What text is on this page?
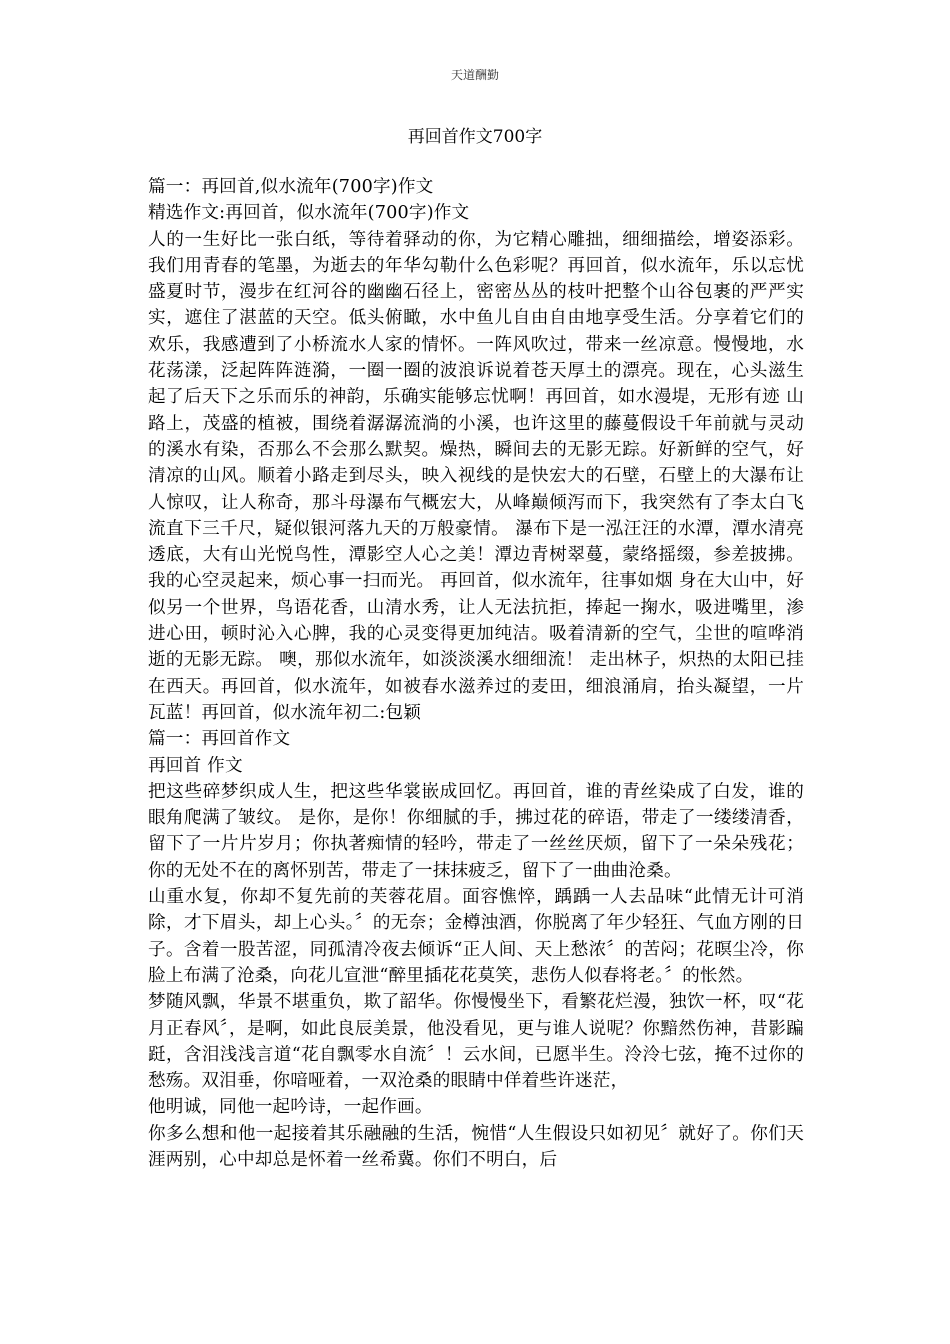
天道酬勤
再回首作文700字

篇一：再回首,似水流年(700字)作文

精选作文:再回首，似水流年(700字)作文

人的一生好比一张白纸，等待着驿动的你，为它精心雕拙，细细描绘，增姿添彩。我们用青春的笔墨，为逝去的年华勾勒什么色彩呢？再回首，似水流年，乐以忘忧盛夏时节，漫步在红河谷的幽幽石径上，密密丛丛的枝叶把整个山谷包裹的严严实实，遮住了湛蓝的天空。低头俯瞰，水中鱼儿自由自由地享受生活。分享着它们的欢乐，我感遭到了小桥流水人家的情怀。一阵风吹过，带来一丝凉意。慢慢地，水花荡漾，泛起阵阵涟漪，一圈一圈的波浪诉说着苍天厚土的漂亮。现在，心头滋生起了后天下之乐而乐的神韵，乐确实能够忘忧啊！再回首，如水漫堤，无形有迹 山路上，茂盛的植被，围绕着潺潺流淌的小溪，也许这里的藤蔓假设千年前就与灵动的溪水有染，否那么不会那么默契。燥热，瞬间去的无影无踪。好新鲜的空气，好清凉的山风。顺着小路走到尽头，映入视线的是快宏大的石壁，石壁上的大瀑布让人惊叹，让人称奇，那斗母瀑布气概宏大，从峰巅倾泻而下，我突然有了李太白飞流直下三千尺，疑似银河落九天的万般豪情。 瀑布下是一泓汪汪的水潭，潭水清亮透底，大有山光悦鸟性，潭影空人心之美！潭边青树翠蔓，蒙络摇缀，参差披拂。我的心空灵起来，烦心事一扫而光。 再回首，似水流年，往事如烟 身在大山中，好似另一个世界，鸟语花香，山清水秀，让人无法抗拒，捧起一掬水，吸进嘴里，渗进心田，顿时沁入心脾，我的心灵变得更加纯洁。吸着清新的空气，尘世的喧哗消逝的无影无踪。 噢，那似水流年，如淡淡溪水细细流！ 走出林子，炽热的太阳已挂在西天。再回首，似水流年，如被春水滋养过的麦田，细浪涌肩，抬头凝望，一片瓦蓝！再回首，似水流年初二:包颖

篇一：再回首作文

再回首 作文

把这些碎梦织成人生，把这些华裳嵌成回忆。再回首，谁的青丝染成了白发，谁的眼角爬满了皱纹。 是你，是你！你细腻的手，拂过花的碎语，带走了一缕缕清香，留下了一片片岁月；你执著痴情的轻吟，带走了一丝丝厌烦，留下了一朵朵残花；你的无处不在的离怀别苦，带走了一抹抹疲乏，留下了一曲曲沧桑。

山重水复，你却不复先前的芙蓉花眉。面容憔悴，踽踽一人去品味“此情无计可消除，才下眉头，却上心头。〞的无奈；金樽浊酒，你脱离了年少轻狂、气血方刚的日子。含着一股苦涩，同孤清冷夜去倾诉“正人间、天上愁浓〞的苦闷；花暝尘冷，你脸上布满了沧桑，向花儿宣泄“醉里插花花莫笑，悲伤人似春将老。〞的怅然。

梦随风飘，华景不堪重负，欺了韶华。你慢慢坐下，看繁花烂漫，独饮一杯，叹“花月正春风〞，是啊，如此良辰美景，他没看见，更与谁人说呢？你黯然伤神，昔影蹁跹，含泪浅浅言道“花自飘零水自流〞！云水间，已愿半生。泠泠七弦，掩不过你的愁殇。双泪垂，你喑哑着，一双沧桑的眼睛中佯着些许迷茫，

他明诚，同他一起吟诗，一起作画。

你多么想和他一起接着其乐融融的生活，惋惜“人生假设只如初见〞就好了。你们天涯两别，心中却总是怀着一丝希冀。你们不明白，后
